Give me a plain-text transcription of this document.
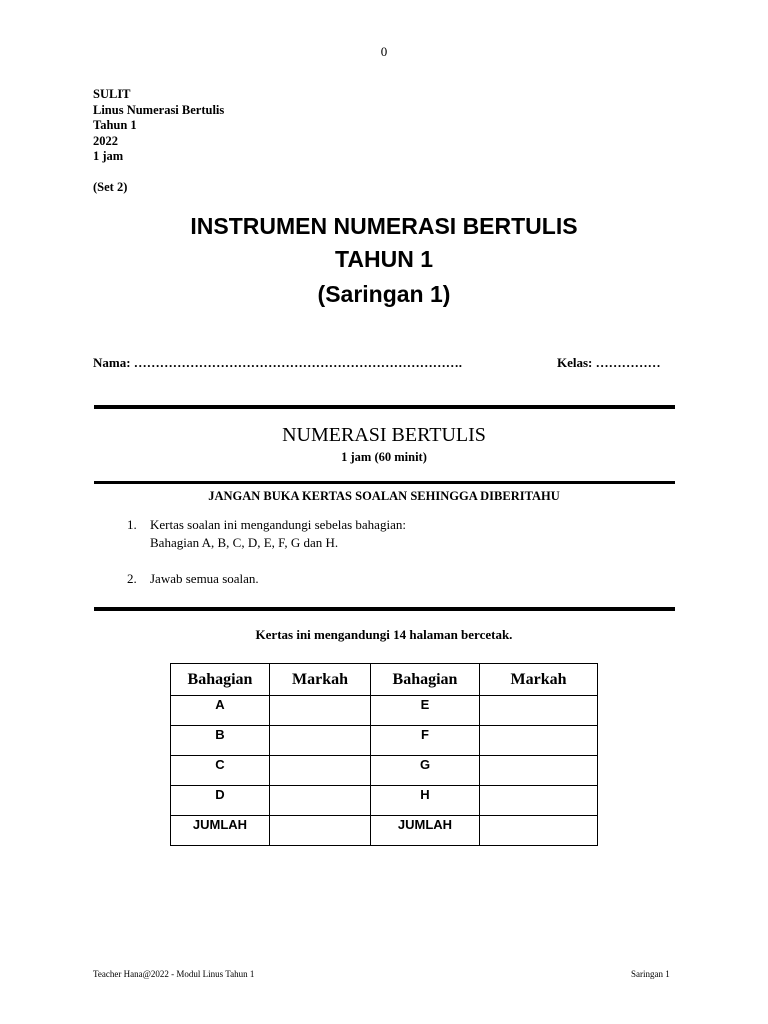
0
SULIT
Linus Numerasi Bertulis
Tahun 1
2022
1 jam
(Set 2)
INSTRUMEN NUMERASI BERTULIS
TAHUN 1
(Saringan 1)
Nama: ………………………………………………………………….	Kelas: ……………
NUMERASI BERTULIS
1 jam (60 minit)
JANGAN BUKA KERTAS SOALAN SEHINGGA DIBERITAHU
1. Kertas soalan ini mengandungi sebelas bahagian:
Bahagian A, B, C, D, E, F, G dan H.
2. Jawab semua soalan.
Kertas ini mengandungi 14 halaman bercetak.
Bahagian	Markah	Bahagian	Markah
A		E	
B		F	
C		G	
D		H	
JUMLAH		JUMLAH	
Teacher Hana@2022 - Modul Linus Tahun 1	Saringan 1
